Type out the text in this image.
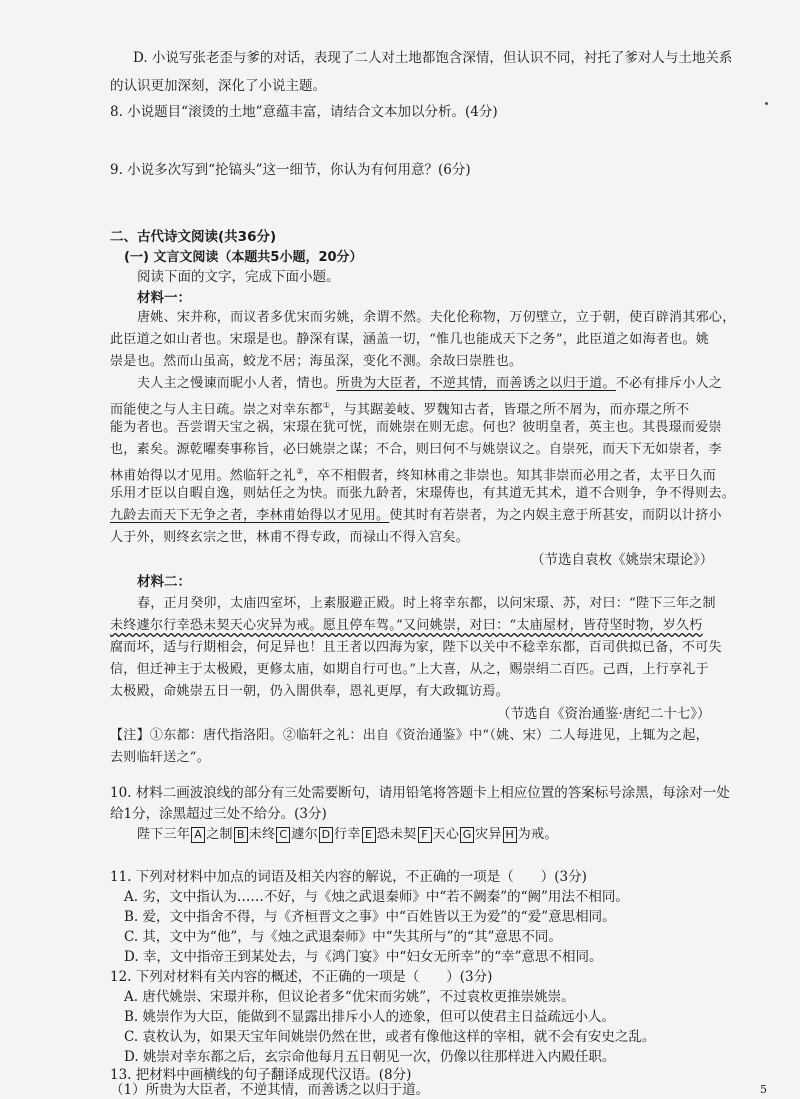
D. 小说写张老歪与爹的对话，表现了二人对土地都饱含深情，但认识不同，衬托了爹对人与土地关系
的认识更加深刻，深化了小说主题。
8. 小说题目“滚烫的土地”意蕴丰富，请结合文本加以分析。(4分)
9. 小说多次写到“抡镐头”这一细节，你认为有何用意？(6分)
二、古代诗文阅读(共36分)
(一) 文言文阅读（本题共5小题，20分）
阅读下面的文字，完成下面小题。
材料一：
唐姚、宋并称，而议者多优宋而劣姚，余谓不然。夫化伦称物，万仞壁立，立于朝，使百辟消其邪心，
此臣道之如山者也。宋璟是也。静深有谋，涵盖一切，“惟几也能成天下之务”，此臣道之如海者也。姚
崇是也。然而山虽高，蛟龙不居；海虽深，变化不测。余故曰崇胜也。
夫人主之慢谏而昵小人者，情也。所贵为大臣者，不逆其情，而善诱之以归于道。不必有排斥小人之
而能使之与人主日疏。崇之对幸东都①，与其踞姜岐、罗魏知古者，皆璟之所不屑为，而亦璟之所不
能为者也。吾尝谓天宝之祸，宋璟在犹可恍，而姚崇在则无虑。何也？彼明皇者，英主也。其畏璟而爱崇
也，素矣。源乾曜奏事称旨，必曰姚崇之谋；不合，则曰何不与姚崇议之。自崇死，而天下无如崇者，李
林甫始得以才见用。然临轩之礼②，卒不相假者，终知林甫之非崇也。知其非崇而必用之者，太平日久而
乐用才臣以自暇自逸，则姑任之为快。而张九龄者，宋璟俦也，有其道无其术，道不合则争，争不得则去。
九龄去而天下无争之者，李林甫始得以才见用。使其时有若崇者，为之内娱主意于所甚安，而阴以计挤小
人于外，则终玄宗之世，林甫不得专政，而禄山不得入宫矣。
（节选自袁枚《姚崇宋璟论》）
材料二：
春，正月癸卯，太庙四室坏，上素服避正殿。时上将幸东都，以问宋璟、苏，对曰：“陛下三年之制
未终遽尔行幸恐未契天心灾异为戒。愿且停车驾。”又问姚崇，对曰：“太庙屋材，皆苻坚时物，岁久朽
腐而坏，适与行期相会，何足异也！且王者以四海为家，陛下以关中不稔幸东都，百司供拟已备，不可失
信，但迁神主于太极殿，更修太庙，如期自行可也。”上大喜，从之，赐崇绢二百匹。己酉，上行享礼于
太极殿，命姚崇五日一朝，仍入閤供奉，恩礼更厚，有大政辄访焉。
（节选自《资治通鉴·唐纪二十七》）
【注】①东都：唐代指洛阳。②临轩之礼：出自《资治通鉴》中“（姚、宋）二人每进见，上辄为之起，
去则临轩送之”。
10. 材料二画波浪线的部分有三处需要断句，请用铅笔将答题卡上相应位置的答案标号涂黑，每涂对一处
给1分，涂黑超过三处不给分。(3分)
陛下三年 A 之制 B 未终 C 遽尔 D 行幸 E 恐未契 F 天心 G 灾异 H 为戒。
11. 下列对材料中加点的词语及相关内容的解说，不正确的一项是（　　）(3分)
A. 劣，文中指认为……不好，与《烛之武退秦师》中“若不阙秦”的“阙”用法不相同。
B. 爱，文中指舍不得，与《齐桓晋文之事》中“百姓皆以王为爱”的“爱”意思相同。
C. 其，文中为“他”，与《烛之武退秦师》中“失其所与”的“其”意思不同。
D. 幸，文中指帝王到某处去，与《鸿门宴》中“妇女无所幸”的“幸”意思不相同。
12. 下列对材料有关内容的概述，不正确的一项是（　　）(3分)
A. 唐代姚崇、宋璟并称，但议论者多“优宋而劣姚”，不过袁枚更推崇姚崇。
B. 姚崇作为大臣，能做到不显露出排斥小人的迹象，但可以使君主日益疏远小人。
C. 袁枚认为，如果天宝年间姚崇仍然在世，或者有像他这样的宰相，就不会有安史之乱。
D. 姚崇对幸东都之后，玄宗命他每月五日朝见一次，仍像以往那样进入内殿任职。
13. 把材料中画横线的句子翻译成现代汉语。(8分)
（1）所贵为大臣者，不逆其情，而善诱之以归于道。	5
